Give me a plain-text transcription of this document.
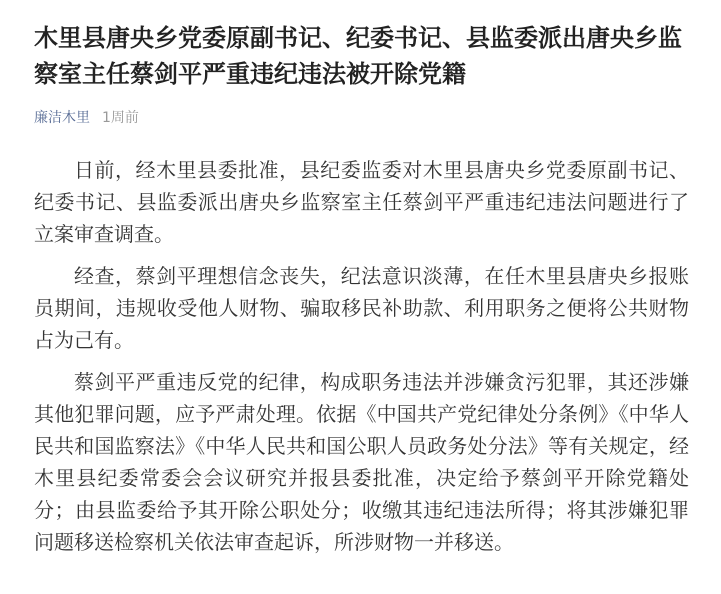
木里县唐央乡党委原副书记、纪委书记、县监委派出唐央乡监察室主任蔡剑平严重违纪违法被开除党籍
廉洁木里 1周前

日前，经木里县委批准，县纪委监委对木里县唐央乡党委原副书记、纪委书记、县监委派出唐央乡监察室主任蔡剑平严重违纪违法问题进行了立案审查调查。

经查，蔡剑平理想信念丧失，纪法意识淡薄，在任木里县唐央乡报账员期间，违规收受他人财物、骗取移民补助款、利用职务之便将公共财物占为己有。

蔡剑平严重违反党的纪律，构成职务违法并涉嫌贪污犯罪，其还涉嫌其他犯罪问题，应予严肃处理。依据《中国共产党纪律处分条例》《中华人民共和国监察法》《中华人民共和国公职人员政务处分法》等有关规定，经木里县纪委常委会会议研究并报县委批准，决定给予蔡剑平开除党籍处分；由县监委给予其开除公职处分；收缴其违纪违法所得；将其涉嫌犯罪问题移送检察机关依法审查起诉，所涉财物一并移送。
